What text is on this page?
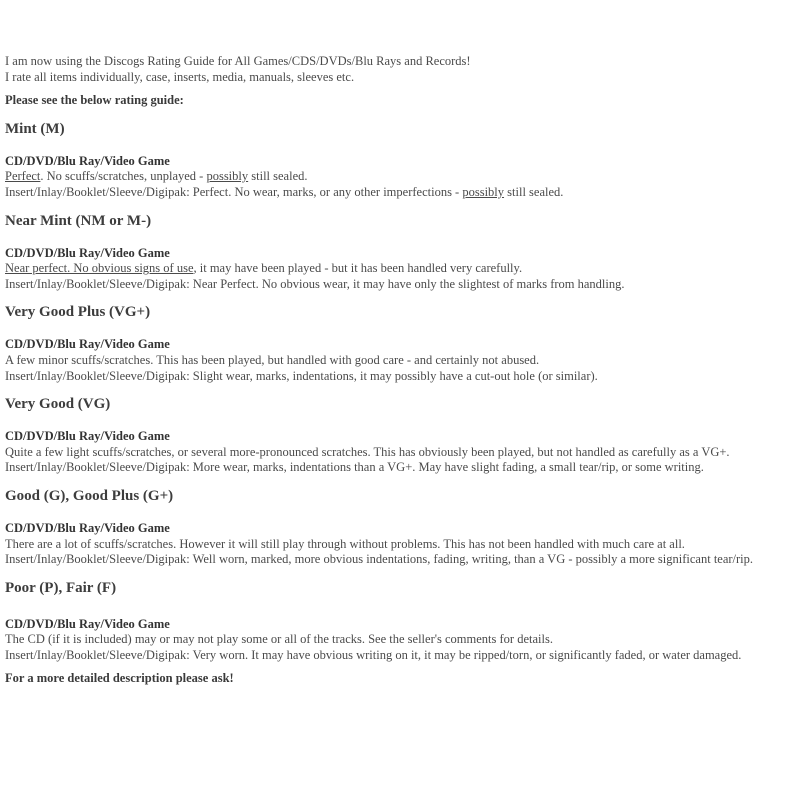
I am now using the Discogs Rating Guide for All Games/CDS/DVDs/Blu Rays and Records!

I rate all items individually, case, inserts, media, manuals, sleeves etc.

Please see the below rating guide:
Mint (M)
CD/DVD/Blu Ray/Video Game
Perfect. No scuffs/scratches, unplayed - possibly still sealed.
Insert/Inlay/Booklet/Sleeve/Digipak: Perfect. No wear, marks, or any other imperfections - possibly still sealed.
Near Mint (NM or M-)
CD/DVD/Blu Ray/Video Game
Near perfect. No obvious signs of use, it may have been played - but it has been handled very carefully.
Insert/Inlay/Booklet/Sleeve/Digipak: Near Perfect. No obvious wear, it may have only the slightest of marks from handling.
Very Good Plus (VG+)
CD/DVD/Blu Ray/Video Game
A few minor scuffs/scratches. This has been played, but handled with good care - and certainly not abused.
Insert/Inlay/Booklet/Sleeve/Digipak: Slight wear, marks, indentations, it may possibly have a cut-out hole (or similar).
Very Good (VG)
CD/DVD/Blu Ray/Video Game
Quite a few light scuffs/scratches, or several more-pronounced scratches. This has obviously been played, but not handled as carefully as a VG+.
Insert/Inlay/Booklet/Sleeve/Digipak: More wear, marks, indentations than a VG+. May have slight fading, a small tear/rip, or some writing.
Good (G), Good Plus (G+)
CD/DVD/Blu Ray/Video Game
There are a lot of scuffs/scratches. However it will still play through without problems. This has not been handled with much care at all.
Insert/Inlay/Booklet/Sleeve/Digipak: Well worn, marked, more obvious indentations, fading, writing, than a VG - possibly a more significant tear/rip.
Poor (P), Fair (F)
CD/DVD/Blu Ray/Video Game
The CD (if it is included) may or may not play some or all of the tracks. See the seller's comments for details.
Insert/Inlay/Booklet/Sleeve/Digipak: Very worn. It may have obvious writing on it, it may be ripped/torn, or significantly faded, or water damaged.
For a more detailed description please ask!
